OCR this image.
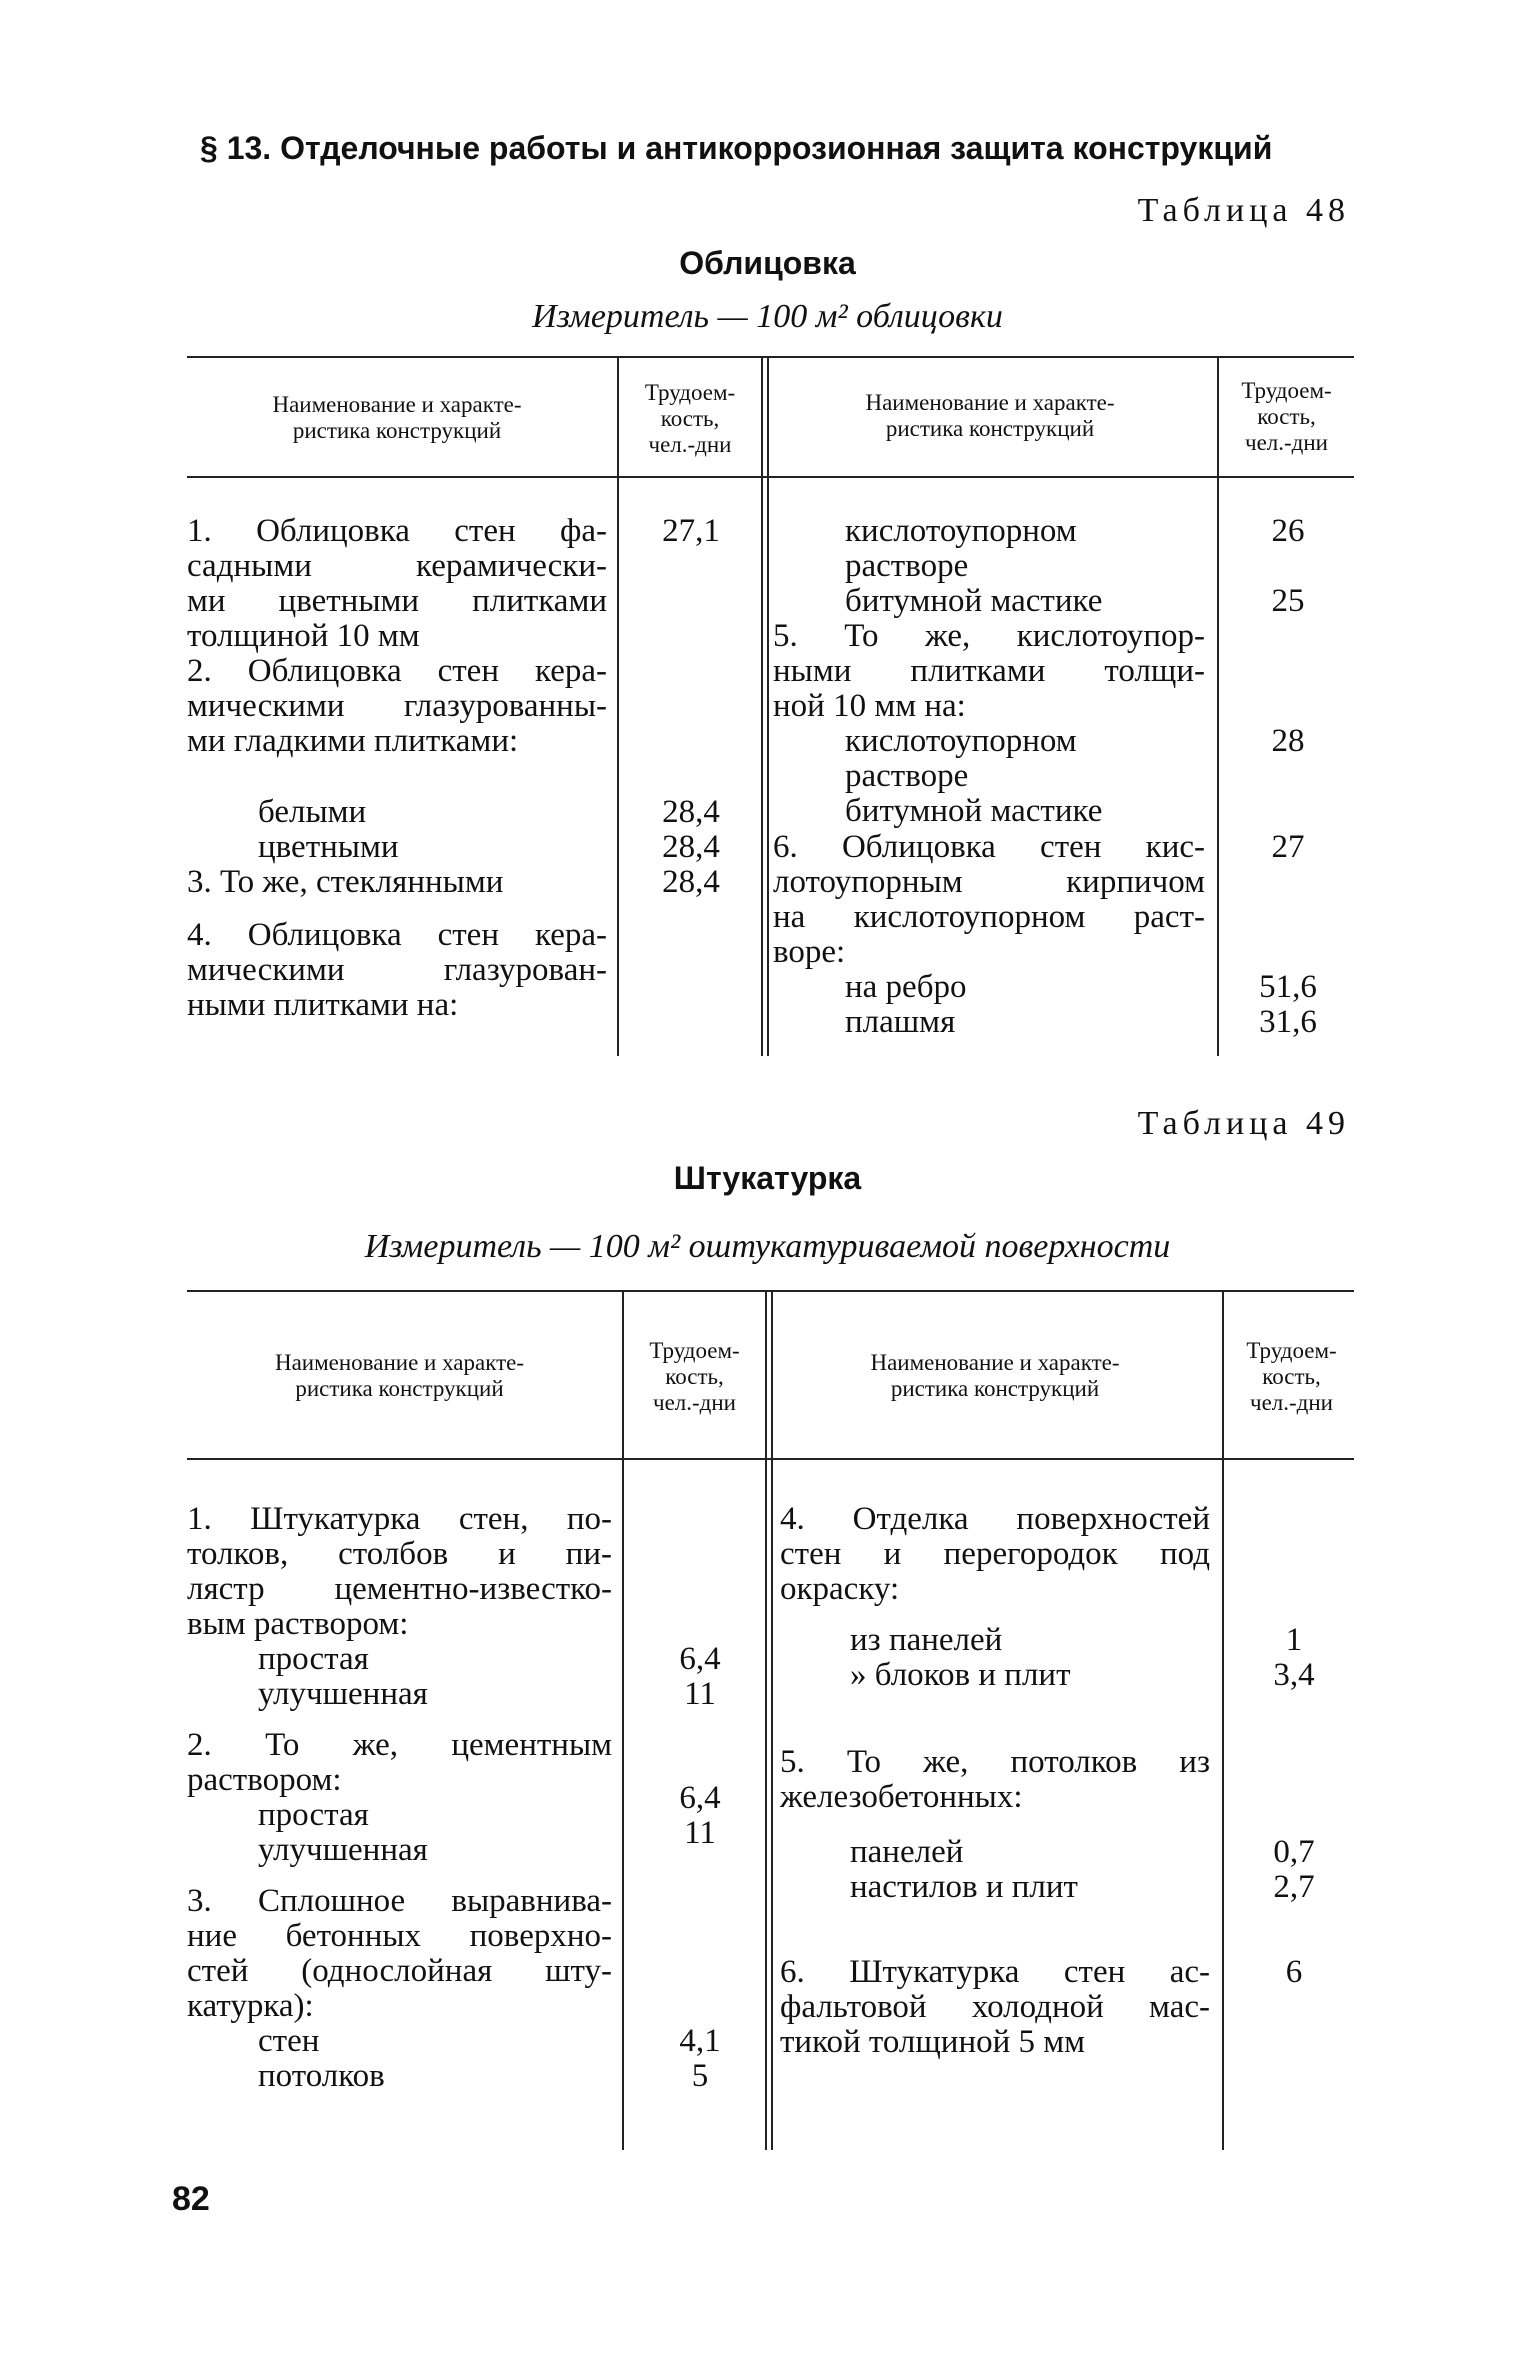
§ 13. Отделочные работы и антикоррозионная защита конструкций
Таблица 48
Облицовка
Измеритель — 100 м² облицовки
Наименование и характе-
ристика конструкций
Трудоем-
кость,
чел.-дни
Наименование и характе-
ристика конструкций
Трудоем-
кость,
чел.-дни
1. Облицовка стен фа-
садными керамически-
ми цветными плитками
толщиной 10 мм
2. Облицовка стен кера-
мическими глазурованны-
ми гладкими плитками:
белыми
цветными
3. То же, стеклянными
4. Облицовка стен кера-
мическими глазурован-
ными плитками на:
27,1
28,4
28,4
28,4
кислотоупорном
растворе
битумной мастике
5. То же, кислотоупор-
ными плитками толщи-
ной 10 мм на:
кислотоупорном
растворе
битумной мастике
6. Облицовка стен кис-
лотоупорным кирпичом
на кислотоупорном раст-
воре:
на ребро
плашмя
26
25
28
27
51,6
31,6
Таблица 49
Штукатурка
Измеритель — 100 м² оштукатуриваемой поверхности
Наименование и характе-
ристика конструкций
Трудоем-
кость,
чел.-дни
Наименование и характе-
ристика конструкций
Трудоем-
кость,
чел.-дни
1. Штукатурка стен, по-
толков, столбов и пи-
лястр цементно-известко-
вым раствором:
простая
улучшенная
2. То же, цементным
раствором:
простая
улучшенная
3. Сплошное выравнива-
ние бетонных поверхно-
стей (однослойная шту-
катурка):
стен
потолков
6,4
11
6,4
11
4,1
5
4. Отделка поверхностей
стен и перегородок под
окраску:
из панелей
» блоков и плит
5. То же, потолков из
железобетонных:
панелей
настилов и плит
6. Штукатурка стен ас-
фальтовой холодной мас-
тикой толщиной 5 мм
1
3,4
0,7
2,7
6
82
